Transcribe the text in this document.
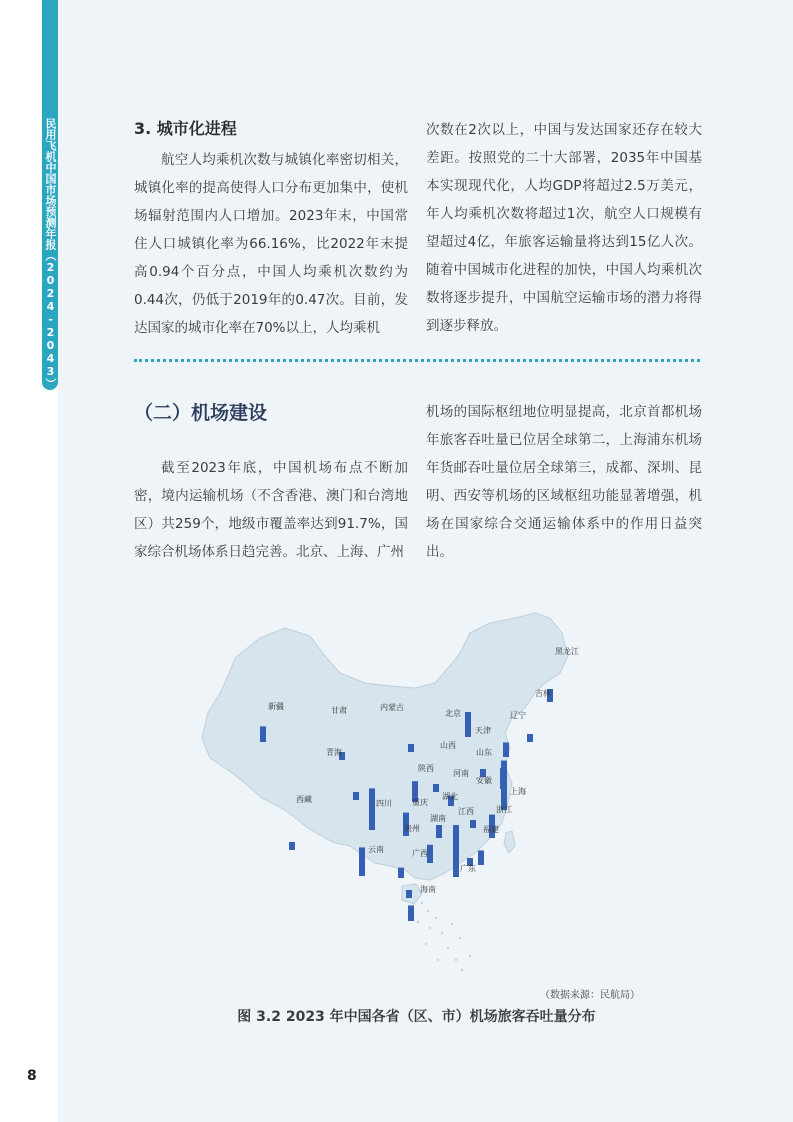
民用飞机中国市场预测年报（2024-2043）	3. 城市化进程

航空人均乘机次数与城镇化率密切相关，城镇化率的提高使得人口分布更加集中，使机场辐射范围内人口增加。2023年末，中国常住人口城镇化率为66.16%，比2022年末提高0.94个百分点，中国人均乘机次数约为0.44次，仍低于2019年的0.47次。目前，发达国家的城市化率在70%以上，人均乘机

次数在2次以上，中国与发达国家还存在较大差距。按照党的二十大部署，2035年中国基本实现现代化，人均GDP将超过2.5万美元，年人均乘机次数将超过1次，航空人口规模有望超过4亿，年旅客运输量将达到15亿人次。随着中国城市化进程的加快，中国人均乘机次数将逐步提升，中国航空运输市场的潜力将得到逐步释放。

（二）机场建设

截至2023年底，中国机场布点不断加密，境内运输机场（不含香港、澳门和台湾地区）共259个，地级市覆盖率达到91.7%，国家综合机场体系日趋完善。北京、上海、广州

机场的国际枢纽地位明显提高，北京首都机场年旅客吞吐量已位居全球第二，上海浦东机场年货邮吞吐量位居全球第三，成都、深圳、昆明、西安等机场的区域枢纽功能显著增强，机场在国家综合交通运输体系中的作用日益突出。

黑龙江
吉林
辽宁
内蒙古
北京
天津
新疆	甘肃
山西
山东
青海
陕西
河南
上海
安徽
西藏	四川	重庆
湖北
浙江
江西
湖南
福建
贵州
云南	广西
广东
海南
（数据来源：民航局）
图 3.2 2023 年中国各省（区、市）机场旅客吞吐量分布
8
